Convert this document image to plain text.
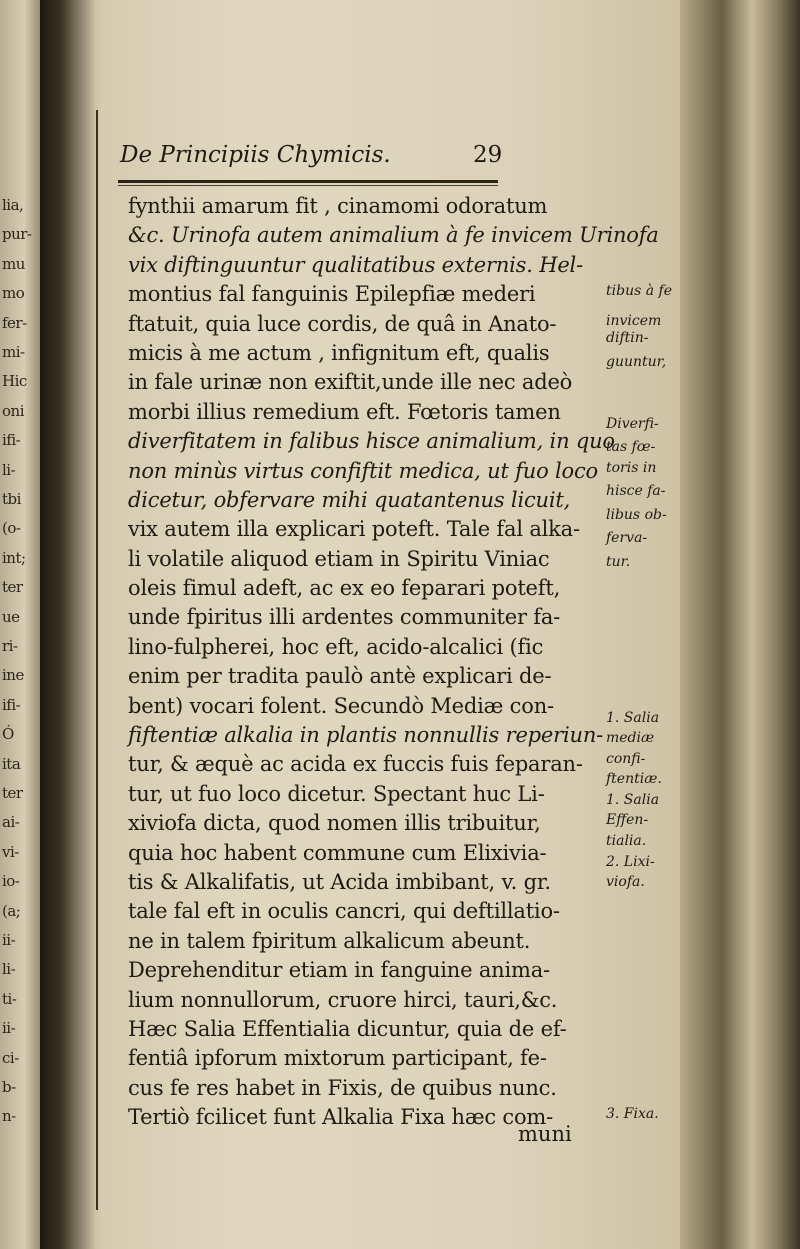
lia,
pur-
mu
mo
fer-
mi-
Hic
oni
ifi-
li-
tbi
(o-
int;
ter
ue
ri-
ine
ifi-
Ó
ita
ter
ai-
vi-
io-
(a;
ii-
li-
ti-
ii-
ci-
b-
n-
De Principiis Chymicis.	29
fynthii amarum fit , cinamomi odoratum
&c. Urinofa autem animalium à fe invicem Urinofa
vix diftinguuntur qualitatibus externis. Hel-
montius fal fanguinis Epilepfiæ mederi
ftatuit, quia luce cordis, de quâ in Anato-
micis à me actum , infignitum eft, qualis
in fale urinæ non exiftit,unde ille nec adeò
morbi illius remedium eft. Fœtoris tamen
diverfitatem in falibus hisce animalium, in quo
non minùs virtus confiftit medica, ut fuo loco
dicetur, obfervare mihi quatantenus licuit,
vix autem illa explicari poteft. Tale fal alka-
li volatile aliquod etiam in Spiritu Viniac
oleis fimul adeft, ac ex eo feparari poteft,
unde fpiritus illi ardentes communiter fa-
lino-fulpherei, hoc eft, acido-alcalici (fic
enim per tradita paulò antè explicari de-
bent) vocari folent. Secundò Mediæ con-
fiftentiæ alkalia in plantis nonnullis reperiun-
tur, & æquè ac acida ex fuccis fuis feparan-
tur, ut fuo loco dicetur. Spectant huc Li-
xiviofa dicta, quod nomen illis tribuitur,
quia hoc habent commune cum Elixivia-
tis & Alkalifatis, ut Acida imbibant, v. gr.
tale fal eft in oculis cancri, qui deftillatio-
ne in talem fpiritum alkalicum abeunt.
Deprehenditur etiam in fanguine anima-
lium nonnullorum, cruore hirci, tauri,&c.
Hæc Salia Effentialia dicuntur, quia de ef-
fentiâ ipforum mixtorum participant, fe-
cus fe res habet in Fixis, de quibus nunc.
Tertiò fcilicet funt Alkalia Fixa hæc com-
tibus à fe
invicem
diftin-
guuntur,
Diverfi-
tas fœ-
toris in
hisce fa-
libus ob-
ferva-
tur.
1. Salia
mediæ
confi-
ftentiæ.
1. Salia
Effen-
tialia.
2. Lixi-
viofa.
3. Fixa.
muni
